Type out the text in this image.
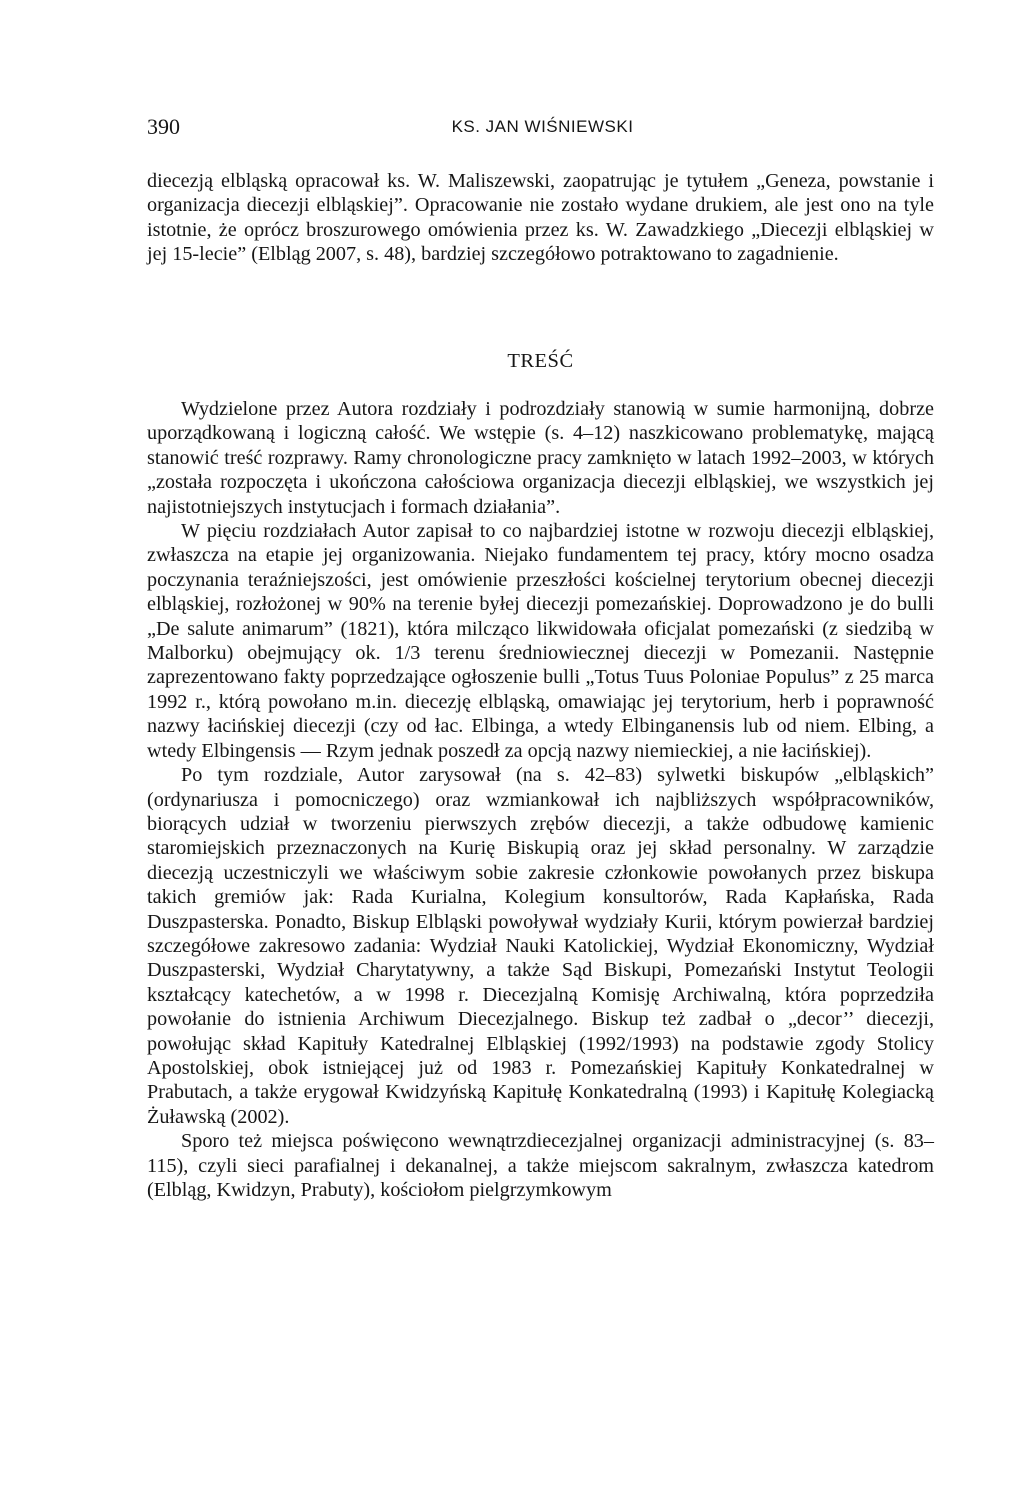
390	KS. JAN WIŚNIEWSKI

diecezją elbląską opracował ks. W. Maliszewski, zaopatrując je tytułem „Geneza, powstanie i organizacja diecezji elbląskiej”. Opracowanie nie zostało wydane drukiem, ale jest ono na tyle istotnie, że oprócz broszurowego omówienia przez ks. W. Zawadzkiego „Diecezji elbląskiej w jej 15-lecie” (Elbląg 2007, s. 48), bardziej szczegółowo potraktowano to zagadnienie.

TREŚĆ

Wydzielone przez Autora rozdziały i podrozdziały stanowią w sumie harmonijną, dobrze uporządkowaną i logiczną całość. We wstępie (s. 4–12) naszkicowano problematykę, mającą stanowić treść rozprawy. Ramy chronologiczne pracy zamknięto w latach 1992–2003, w których „została rozpoczęta i ukończona całościowa organizacja diecezji elbląskiej, we wszystkich jej najistotniejszych instytucjach i formach działania”.

W pięciu rozdziałach Autor zapisał to co najbardziej istotne w rozwoju diecezji elbląskiej, zwłaszcza na etapie jej organizowania. Niejako fundamentem tej pracy, który mocno osadza poczynania teraźniejszości, jest omówienie przeszłości kościelnej terytorium obecnej diecezji elbląskiej, rozłożonej w 90% na terenie byłej diecezji pomezańskiej. Doprowadzono je do bulli „De salute animarum” (1821), która milcząco likwidowała oficjalat pomezański (z siedzibą w Malborku) obejmujący ok. 1/3 terenu średniowiecznej diecezji w Pomezanii. Następnie zaprezentowano fakty poprzedzające ogłoszenie bulli „Totus Tuus Poloniae Populus” z 25 marca 1992 r., którą powołano m.in. diecezję elbląską, omawiając jej terytorium, herb i poprawność nazwy łacińskiej diecezji (czy od łac. Elbinga, a wtedy Elbinganensis lub od niem. Elbing, a wtedy Elbingensis — Rzym jednak poszedł za opcją nazwy niemieckiej, a nie łacińskiej).

Po tym rozdziale, Autor zarysował (na s. 42–83) sylwetki biskupów „elbląskich” (ordynariusza i pomocniczego) oraz wzmiankował ich najbliższych współpracowników, biorących udział w tworzeniu pierwszych zrębów diecezji, a także odbudowę kamienic staromiejskich przeznaczonych na Kurię Biskupią oraz jej skład personalny. W zarządzie diecezją uczestniczyli we właściwym sobie zakresie członkowie powołanych przez biskupa takich gremiów jak: Rada Kurialna, Kolegium konsultorów, Rada Kapłańska, Rada Duszpasterska. Ponadto, Biskup Elbląski powoływał wydziały Kurii, którym powierzał bardziej szczegółowe zakresowo zadania: Wydział Nauki Katolickiej, Wydział Ekonomiczny, Wydział Duszpasterski, Wydział Charytatywny, a także Sąd Biskupi, Pomezański Instytut Teologii kształcący katechetów, a w 1998 r. Diecezjalną Komisję Archiwalną, która poprzedziła powołanie do istnienia Archiwum Diecezjalnego. Biskup też zadbał o „decor’’ diecezji, powołując skład Kapituły Katedralnej Elbląskiej (1992/1993) na podstawie zgody Stolicy Apostolskiej, obok istniejącej już od 1983 r. Pomezańskiej Kapituły Konkatedralnej w Prabutach, a także erygował Kwidzyńską Kapitułę Konkatedralną (1993) i Kapitułę Kolegiacką Żuławską (2002).

Sporo też miejsca poświęcono wewnątrzdiecezjalnej organizacji administracyjnej (s. 83–115), czyli sieci parafialnej i dekanalnej, a także miejscom sakralnym, zwłaszcza katedrom (Elbląg, Kwidzyn, Prabuty), kościołom pielgrzymkowym
